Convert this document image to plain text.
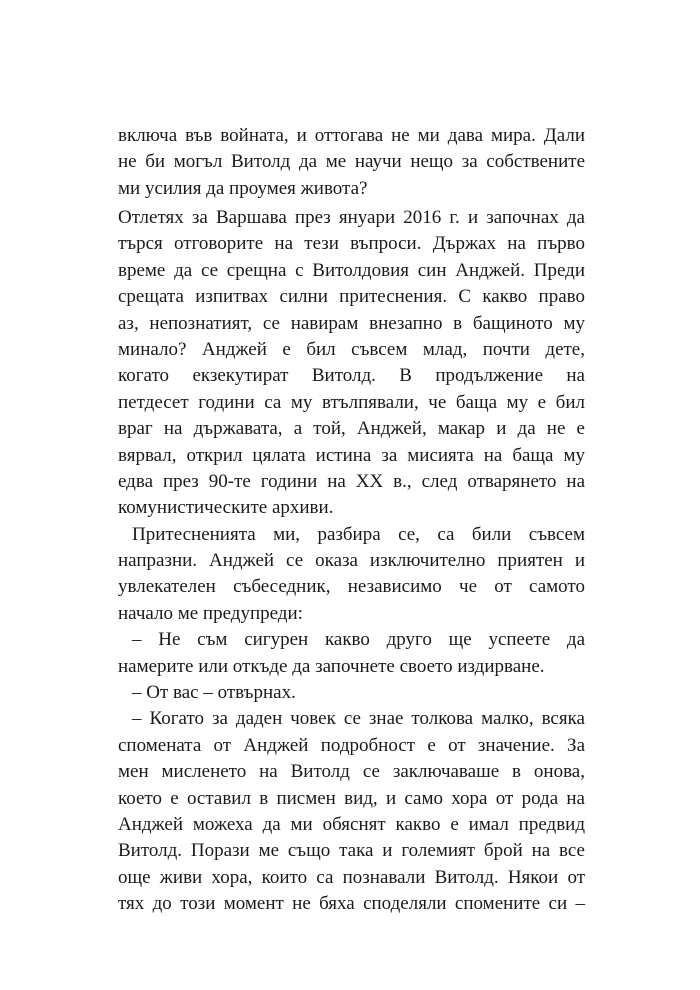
включа във войната, и оттогава не ми дава мира. Дали
не би могъл Витолд да ме научи нещо за собствените
ми усилия да проумея живота?
Отлетях за Варшава през януари 2016 г. и започнах да
търся отговорите на тези въпроси. Държах на първо
време да се срещна с Витолдовия син Анджей. Преди
срещата изпитвах силни притеснения. С какво право
аз, непознатият, се навирам внезапно в бащиното му
минало? Анджей е бил съвсем млад, почти дете,
когато екзекутират Витолд. В продължение на
петдесет години са му втълпявали, че баща му е бил
враг на държавата, а той, Анджей, макар и да не е
вярвал, открил цялата истина за мисията на баща му
едва през 90-те години на XX в., след отварянето на
комунистическите архиви.
Притесненията ми, разбира се, са били съвсем
напразни. Анджей се оказа изключително приятен и
увлекателен събеседник, независимо че от самото
начало ме предупреди:
– Не съм сигурен какво друго ще успеете да
намерите или откъде да започнете своето издирване.
– От вас – отвърнах.
– Когато за даден човек се знае толкова малко, всяка
спомената от Анджей подробност е от значение. За
мен мисленето на Витолд се заключаваше в онова,
което е оставил в писмен вид, и само хора от рода на
Анджей можеха да ми обяснят какво е имал предвид
Витолд. Порази ме също така и големият брой на все
още живи хора, които са познавали Витолд. Някои от
тях до този момент не бяха споделяли спомените си –
